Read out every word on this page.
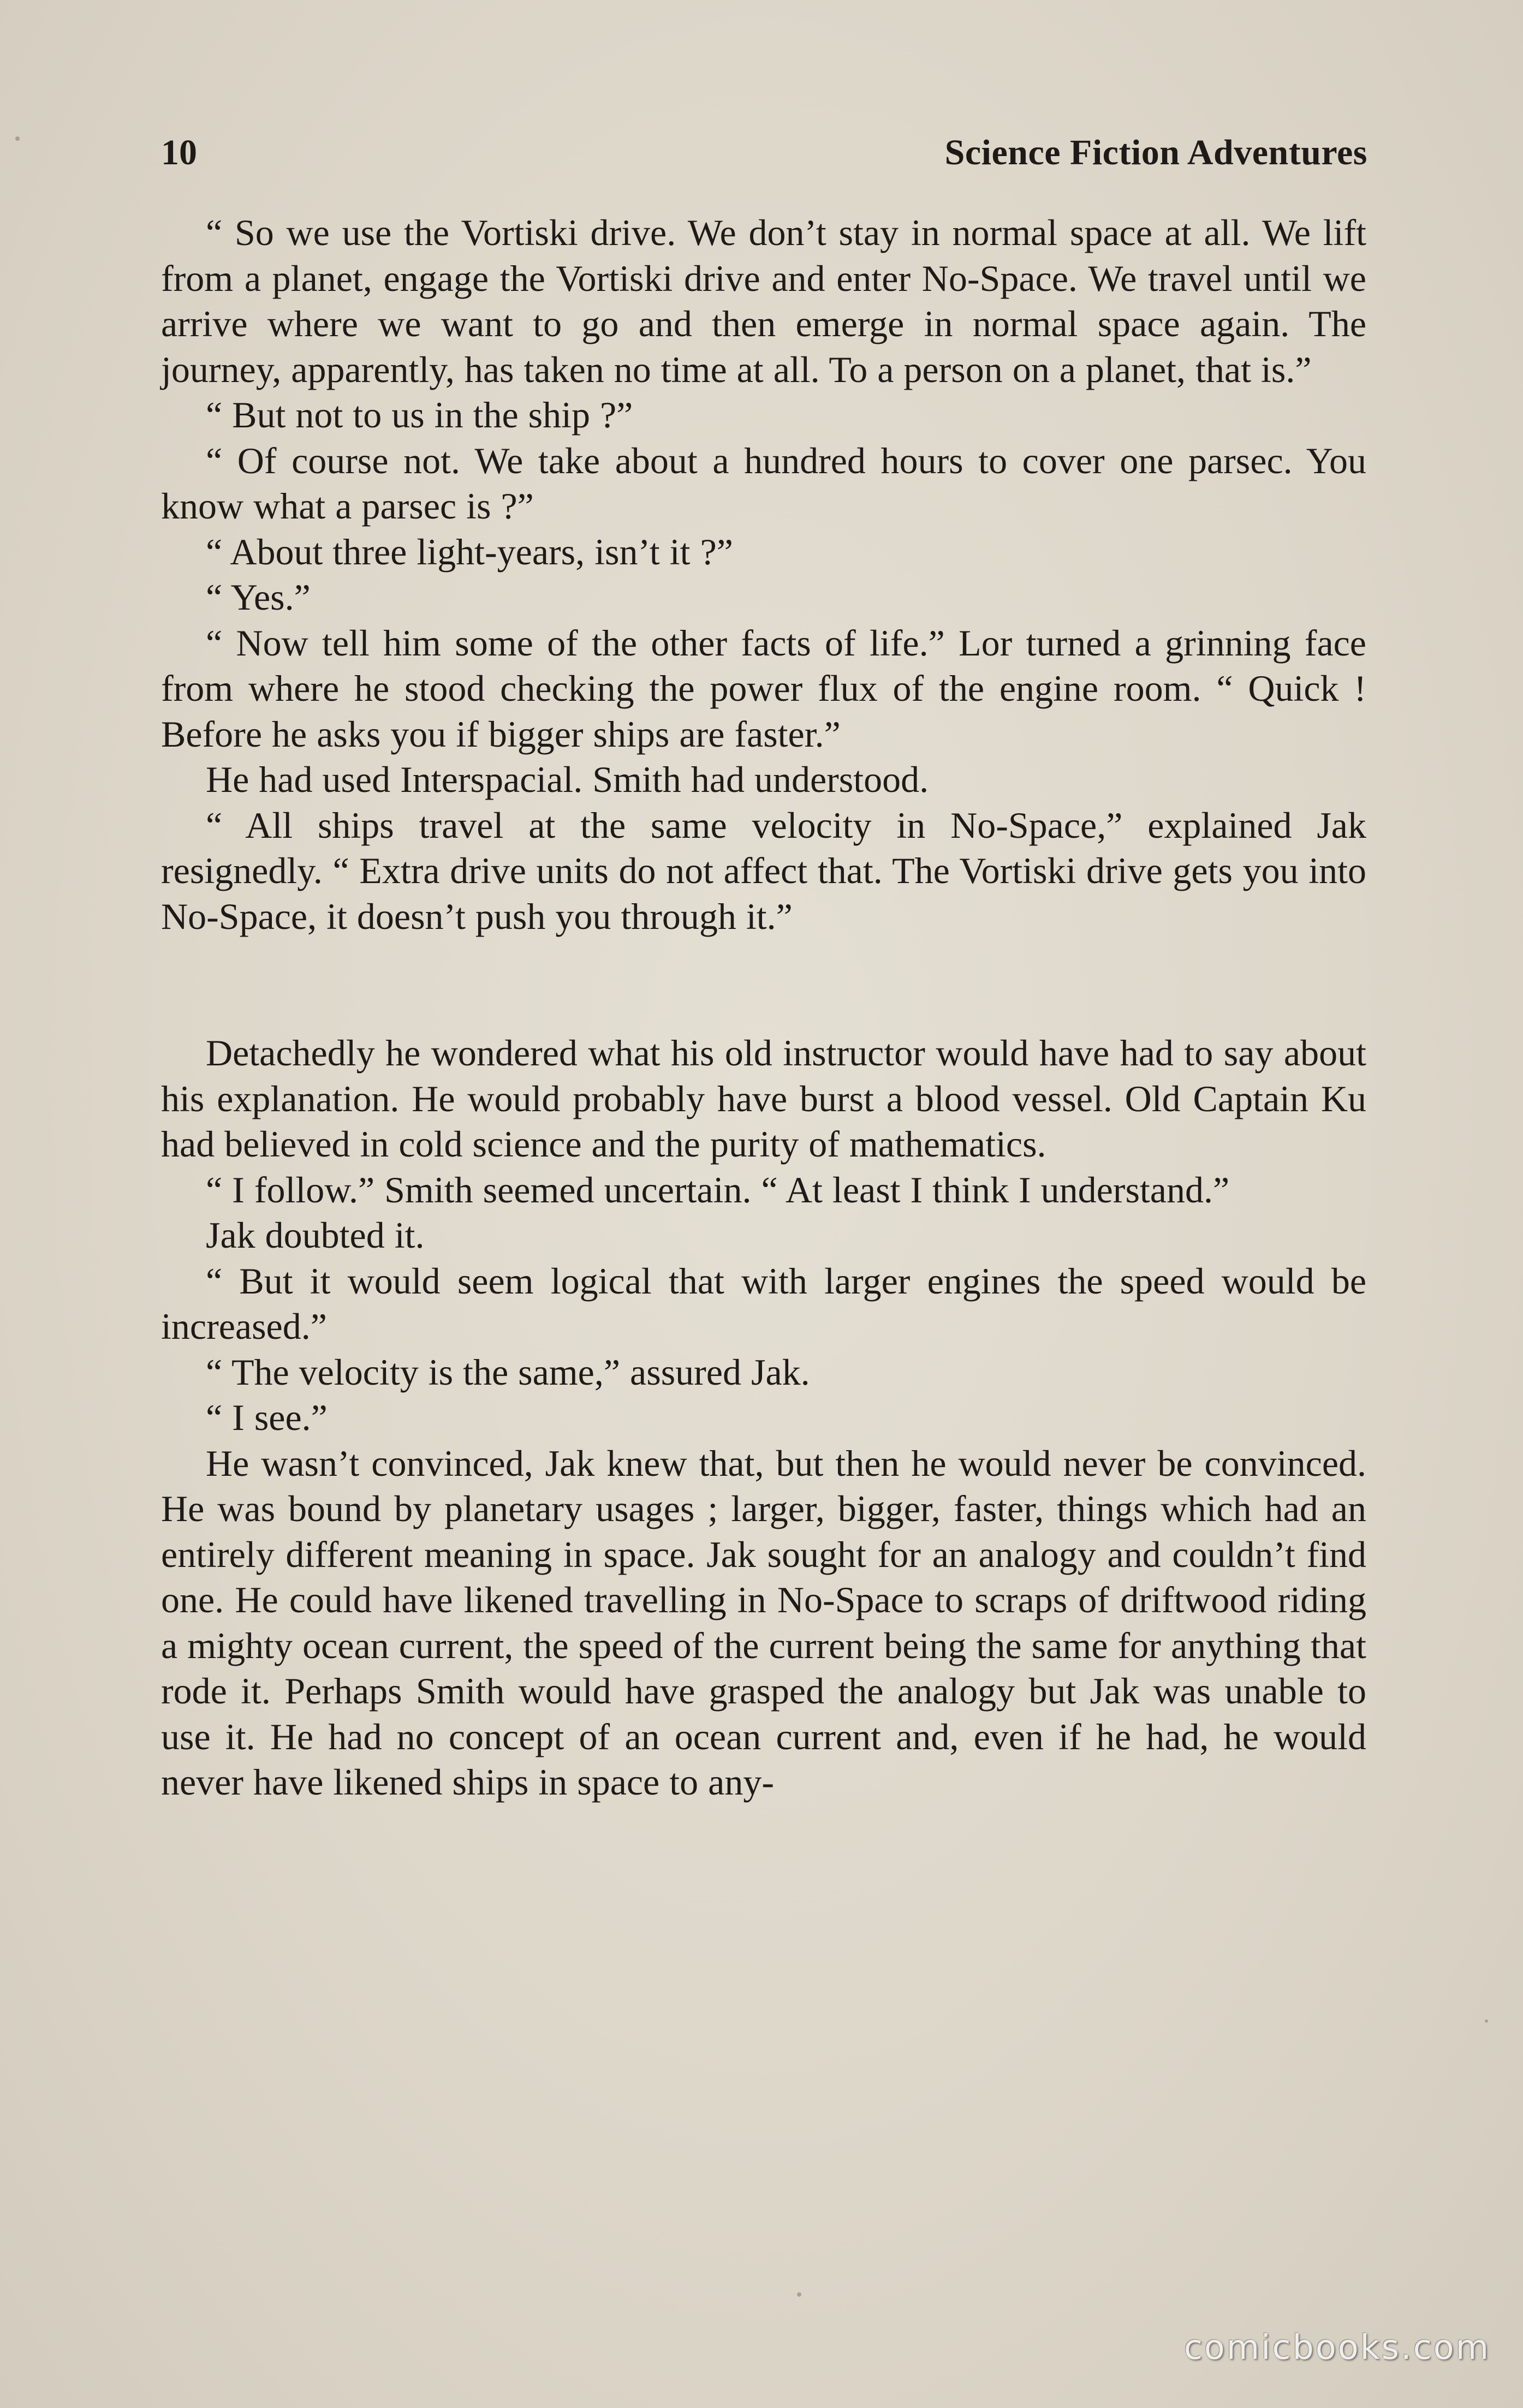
10	Science Fiction Adventures

“ So we use the Vortiski drive. We don’t stay in normal space at all. We lift from a planet, engage the Vortiski drive and enter No-Space. We travel until we arrive where we want to go and then emerge in normal space again. The journey, apparently, has taken no time at all. To a person on a planet, that is.”

“ But not to us in the ship ?”

“ Of course not. We take about a hundred hours to cover one parsec. You know what a parsec is ?”

“ About three light-years, isn’t it ?”

“ Yes.”

“ Now tell him some of the other facts of life.” Lor turned a grinning face from where he stood checking the power flux of the engine room. “ Quick ! Before he asks you if bigger ships are faster.”

He had used Interspacial. Smith had understood.

“ All ships travel at the same velocity in No-Space,” explained Jak resignedly. “ Extra drive units do not affect that. The Vortiski drive gets you into No-Space, it doesn’t push you through it.”

Detachedly he wondered what his old instructor would have had to say about his explanation. He would probably have burst a blood vessel. Old Captain Ku had believed in cold science and the purity of mathematics.

“ I follow.” Smith seemed uncertain. “ At least I think I understand.”

Jak doubted it.

“ But it would seem logical that with larger engines the speed would be increased.”

“ The velocity is the same,” assured Jak.

“ I see.”

He wasn’t convinced, Jak knew that, but then he would never be convinced. He was bound by planetary usages ; larger, bigger, faster, things which had an entirely different meaning in space. Jak sought for an analogy and couldn’t find one. He could have likened travelling in No-Space to scraps of driftwood riding a mighty ocean current, the speed of the current being the same for anything that rode it. Perhaps Smith would have grasped the analogy but Jak was unable to use it. He had no concept of an ocean current and, even if he had, he would never have likened ships in space to any-

comicbooks.com
